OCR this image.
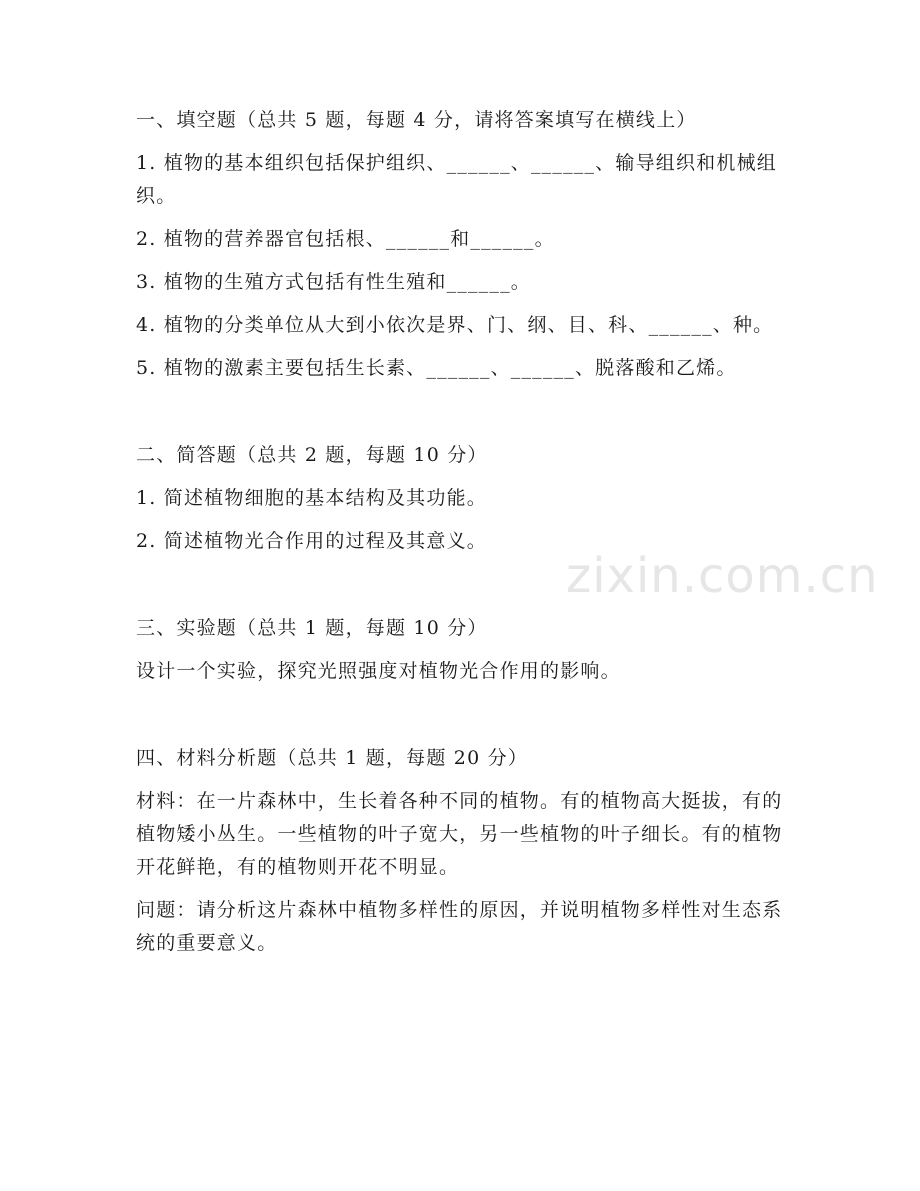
zixin.com.cn

一、填空题（总共 5 题，每题 4 分，请将答案填写在横线上）

1. 植物的基本组织包括保护组织、______、______、输导组织和机械组织。

2. 植物的营养器官包括根、______和______。

3. 植物的生殖方式包括有性生殖和______。

4. 植物的分类单位从大到小依次是界、门、纲、目、科、______、种。

5. 植物的激素主要包括生长素、______、______、脱落酸和乙烯。

二、简答题（总共 2 题，每题 10 分）

1. 简述植物细胞的基本结构及其功能。

2. 简述植物光合作用的过程及其意义。

三、实验题（总共 1 题，每题 10 分）

设计一个实验，探究光照强度对植物光合作用的影响。

四、材料分析题（总共 1 题，每题 20 分）

材料：在一片森林中，生长着各种不同的植物。有的植物高大挺拔，有的植物矮小丛生。一些植物的叶子宽大，另一些植物的叶子细长。有的植物开花鲜艳，有的植物则开花不明显。

问题：请分析这片森林中植物多样性的原因，并说明植物多样性对生态系统的重要意义。
